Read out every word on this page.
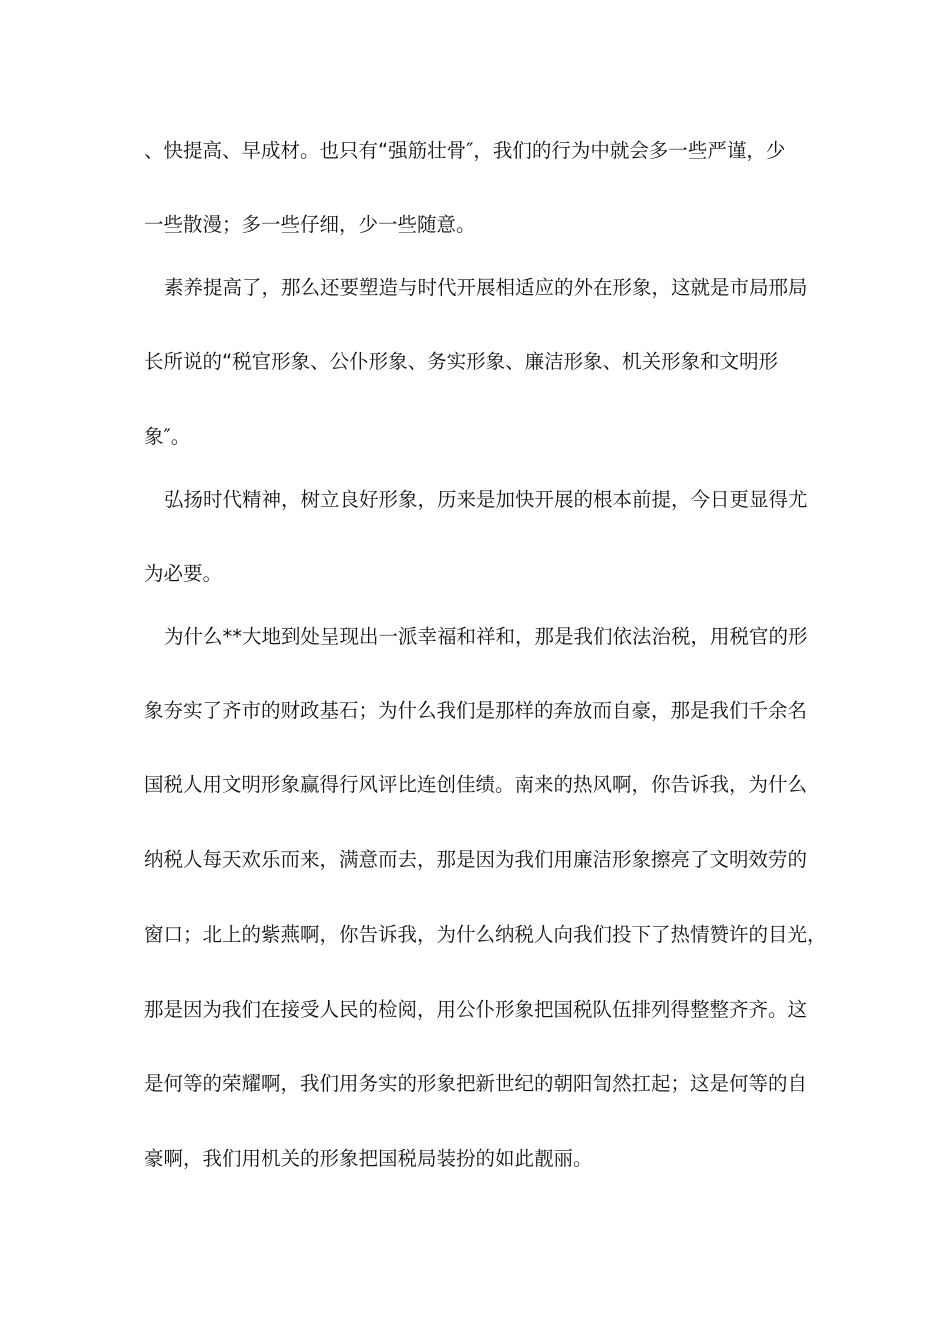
、快提高、早成材。也只有“强筋壮骨″，我们的行为中就会多一些严谨，少
一些散漫；多一些仔细，少一些随意。
素养提高了，那么还要塑造与时代开展相适应的外在形象，这就是市局邢局
长所说的“税官形象、公仆形象、务实形象、廉洁形象、机关形象和文明形
象″。
弘扬时代精神，树立良好形象，历来是加快开展的根本前提，今日更显得尤
为必要。
为什么**大地到处呈现出一派幸福和祥和，那是我们依法治税，用税官的形
象夯实了齐市的财政基石；为什么我们是那样的奔放而自豪，那是我们千余名
国税人用文明形象赢得行风评比连创佳绩。南来的热风啊，你告诉我，为什么
纳税人每天欢乐而来，满意而去，那是因为我们用廉洁形象擦亮了文明效劳的
窗口；北上的紫燕啊，你告诉我，为什么纳税人向我们投下了热情赞许的目光，
那是因为我们在接受人民的检阅，用公仆形象把国税队伍排列得整整齐齐。这
是何等的荣耀啊，我们用务实的形象把新世纪的朝阳訇然扛起；这是何等的自
豪啊，我们用机关的形象把国税局装扮的如此靓丽。
